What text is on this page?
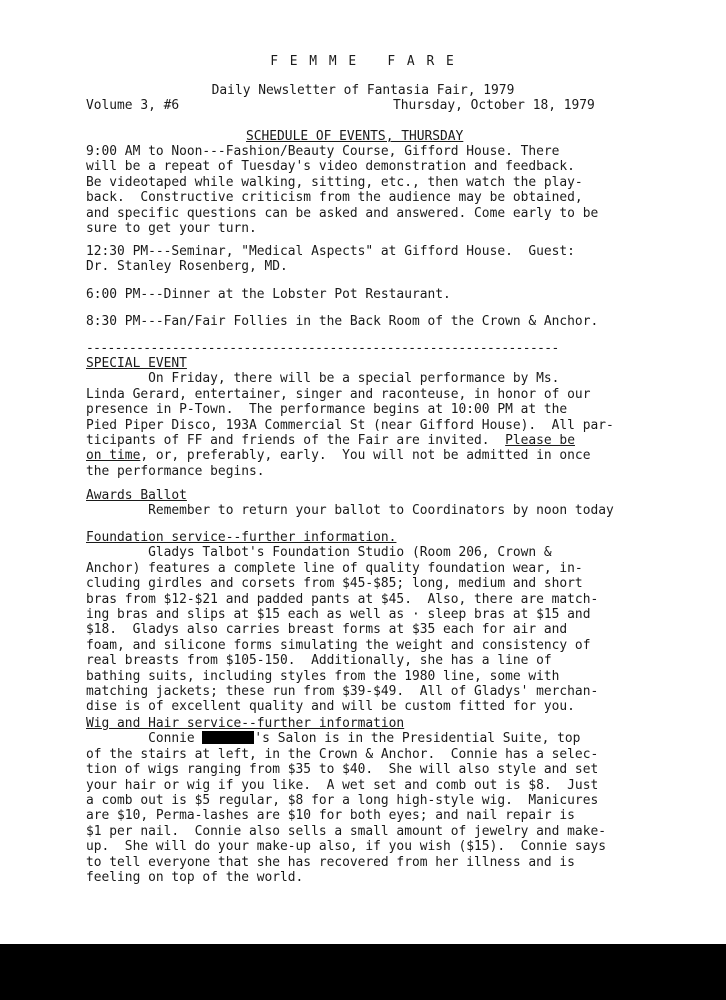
F E M M E   F A R E

Daily Newsletter of Fantasia Fair, 1979

Volume 3, #6	Thursday, October 18, 1979

SCHEDULE OF EVENTS, THURSDAY

9:00 AM to Noon---Fashion/Beauty Course, Gifford House. There

will be a repeat of Tuesday's video demonstration and feedback.

Be videotaped while walking, sitting, etc., then watch the play-

back.  Constructive criticism from the audience may be obtained,

and specific questions can be asked and answered. Come early to be

sure to get your turn.

12:30 PM---Seminar, "Medical Aspects" at Gifford House.  Guest:

Dr. Stanley Rosenberg, MD.

6:00 PM---Dinner at the Lobster Pot Restaurant.

8:30 PM---Fan/Fair Follies in the Back Room of the Crown & Anchor.

------------------------------------------------------------------

SPECIAL EVENT

On Friday, there will be a special performance by Ms.

Linda Gerard, entertainer, singer and raconteuse, in honor of our

presence in P-Town.  The performance begins at 10:00 PM at the

Pied Piper Disco, 193A Commercial St (near Gifford House).  All par-

ticipants of FF and friends of the Fair are invited. Please be

on time, or, preferably, early.  You will not be admitted in once

the performance begins.

Awards Ballot

Remember to return your ballot to Coordinators by noon today

Foundation service--further information.

Gladys Talbot's Foundation Studio (Room 206, Crown &

Anchor) features a complete line of quality foundation wear, in-

cluding girdles and corsets from $45-$85; long, medium and short

bras from $12-$21 and padded pants at $45.  Also, there are match-

ing bras and slips at $15 each as well as · sleep bras at $15 and

$18.  Gladys also carries breast forms at $35 each for air and

foam, and silicone forms simulating the weight and consistency of

real breasts from $105-150.  Additionally, she has a line of

bathing suits, including styles from the 1980 line, some with

matching jackets; these run from $39-$49.  All of Gladys' merchan-

dise is of excellent quality and will be custom fitted for you.

Wig and Hair service--further information

Connie	's Salon is in the Presidential Suite, top

of the stairs at left, in the Crown & Anchor.  Connie has a selec-

tion of wigs ranging from $35 to $40.  She will also style and set

your hair or wig if you like.  A wet set and comb out is $8.  Just

a comb out is $5 regular, $8 for a long high-style wig.  Manicures

are $10, Perma-lashes are $10 for both eyes; and nail repair is

$1 per nail.  Connie also sells a small amount of jewelry and make-

up.  She will do your make-up also, if you wish ($15).  Connie says

to tell everyone that she has recovered from her illness and is

feeling on top of the world.
